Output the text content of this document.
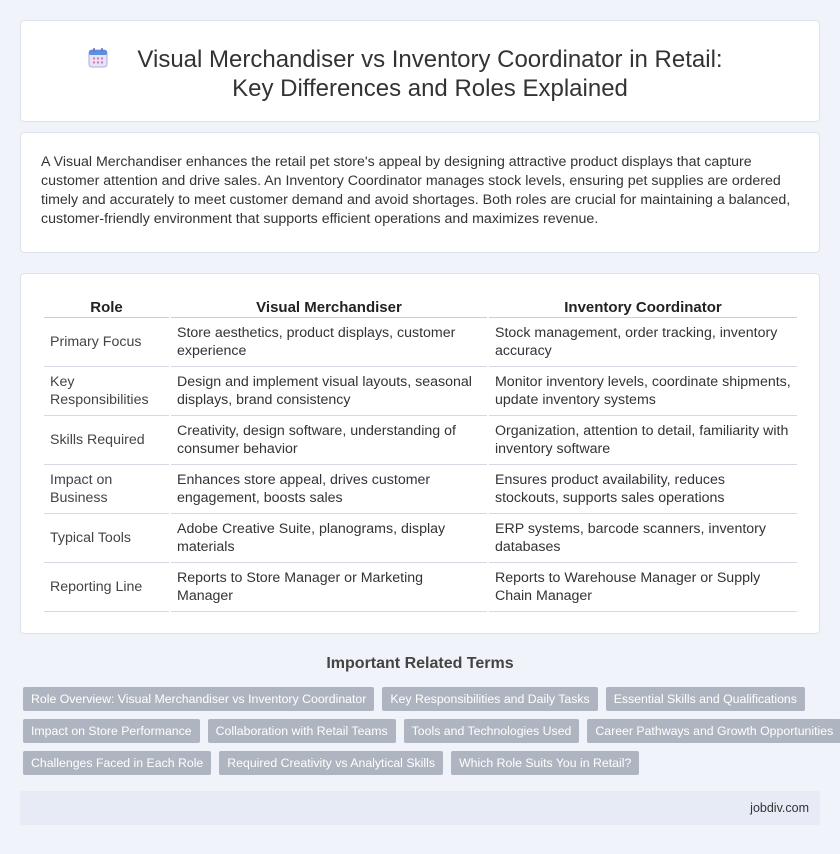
Visual Merchandiser vs Inventory Coordinator in Retail: Key Differences and Roles Explained

A Visual Merchandiser enhances the retail pet store's appeal by designing attractive product displays that capture customer attention and drive sales. An Inventory Coordinator manages stock levels, ensuring pet supplies are ordered timely and accurately to meet customer demand and avoid shortages. Both roles are crucial for maintaining a balanced, customer-friendly environment that supports efficient operations and maximizes revenue.

Role	Visual Merchandiser	Inventory Coordinator
Primary Focus	Store aesthetics, product displays, customer experience	Stock management, order tracking, inventory accuracy
Key Responsibilities	Design and implement visual layouts, seasonal displays, brand consistency	Monitor inventory levels, coordinate shipments, update inventory systems
Skills Required	Creativity, design software, understanding of consumer behavior	Organization, attention to detail, familiarity with inventory software
Impact on Business	Enhances store appeal, drives customer engagement, boosts sales	Ensures product availability, reduces stockouts, supports sales operations
Typical Tools	Adobe Creative Suite, planograms, display materials	ERP systems, barcode scanners, inventory databases
Reporting Line	Reports to Store Manager or Marketing Manager	Reports to Warehouse Manager or Supply Chain Manager
Important Related Terms
Role Overview: Visual Merchandiser vs Inventory Coordinator	Key Responsibilities and Daily Tasks	Essential Skills and Qualifications
Impact on Store Performance	Collaboration with Retail Teams	Tools and Technologies Used	Career Pathways and Growth Opportunities
Challenges Faced in Each Role	Required Creativity vs Analytical Skills	Which Role Suits You in Retail?
jobdiv.com
